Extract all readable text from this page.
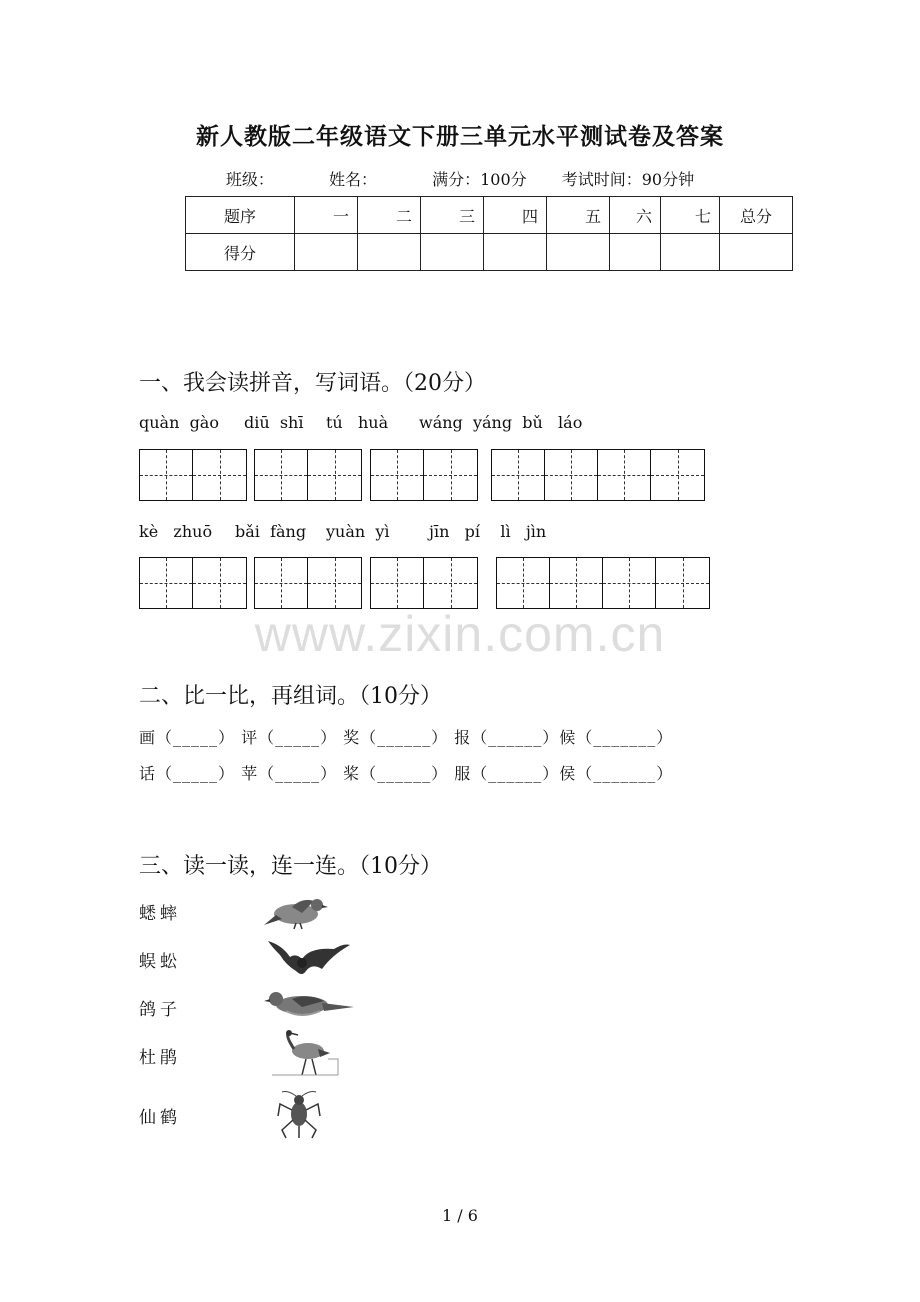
新人教版二年级语文下册三单元水平测试卷及答案
班级：	姓名：	满分：100分 考试时间：90分钟
题序	一	二	三	四	五	六	七	总分
得分								
一、我会读拼音，写词语。（20分）
quàn  gào diū  shī tú   huà wáng  yáng  bǔ   láo
kè   zhuō bǎi  fàng yuàn  yì jīn   pí    lì   jìn
www.zixin.com.cn
二、比一比，再组词。（10分）
画（_____） 评（_____） 奖（______） 报（______）候（_______）
话（_____） 苹（_____） 桨（______） 服（______）侯（_______）
三、读一读，连一连。（10分）
蟋蟀
蜈蚣
鸽子
杜鹃
仙鹤
1 / 6
